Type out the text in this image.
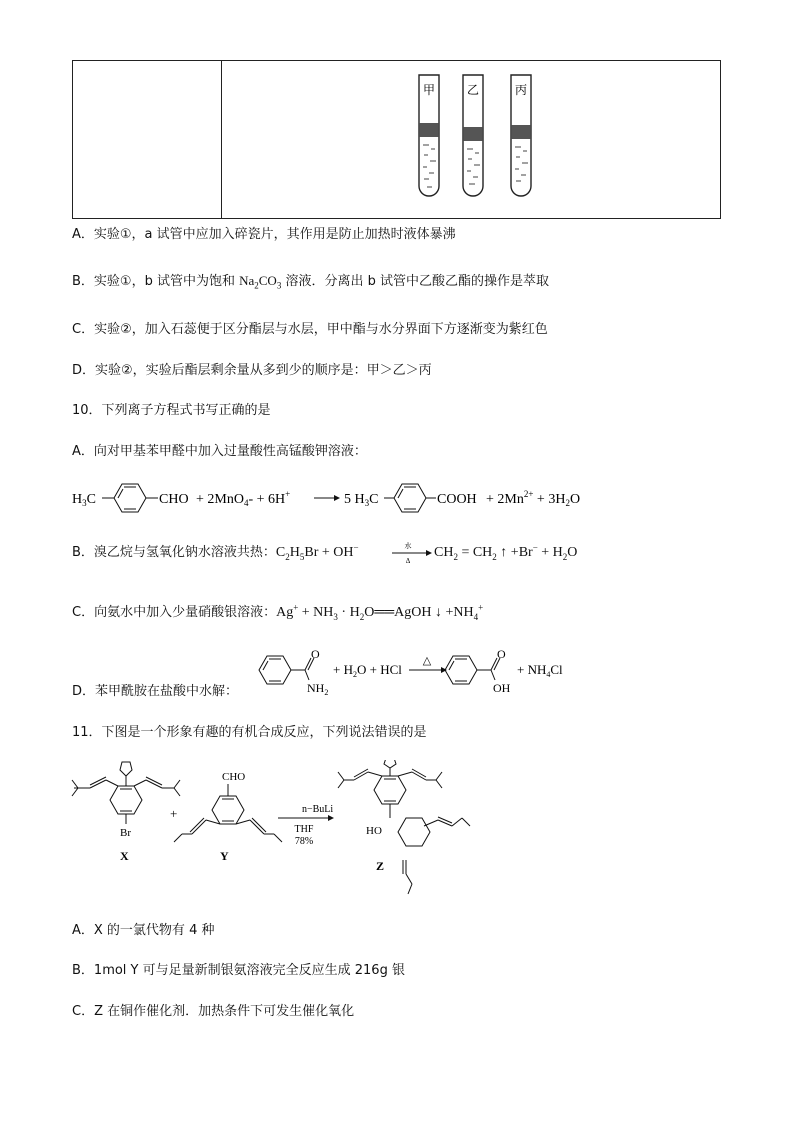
甲	乙	丙
A．实验①，a 试管中应加入碎瓷片，其作用是防止加热时液体暴沸
B．实验①，b 试管中为饱和 $Na_2CO_3$ 溶液．分离出 b 试管中乙酸乙酯的操作是萃取
C．实验②，加入石蕊便于区分酯层与水层，甲中酯与水分界面下方逐渐变为紫红色
D．实验②，实验后酯层剩余量从多到少的顺序是：甲＞乙＞丙
10．下列离子方程式书写正确的是
A．向对甲基苯甲醛中加入过量酸性高锰酸钾溶液：
$H_3C$	CHO + 2MnO$_4$- + 6H+	5 $H_3C$	COOH + $2Mn^{2+} + 3H_2O$
B．溴乙烷与氢氧化钠水溶液共热：$C_2H_5Br + OH^-$	水
Δ
$CH_2 = CH_2$ ↑ $+Br^- + H_2O$
C．向氨水中加入少量硝酸银溶液：$Ag^+ + NH_3$ · $H_2O══AgOH$ ↓ $+NH_4^+$
O
$NH_2$
+ $H_2O$ + HCl
△	O
OH
+ $NH_4Cl$
D．苯甲酰胺在盐酸中水解：
11．下图是一个形象有趣的有机合成反应，下列说法错误的是
Br
X
+
CHO
Y
n−BuLi
THF
78%
HO
Z
A．X 的一氯代物有 4 种
B．1mol Y 可与足量新制银氨溶液完全反应生成 216g 银
C．Z 在铜作催化剂．加热条件下可发生催化氧化
